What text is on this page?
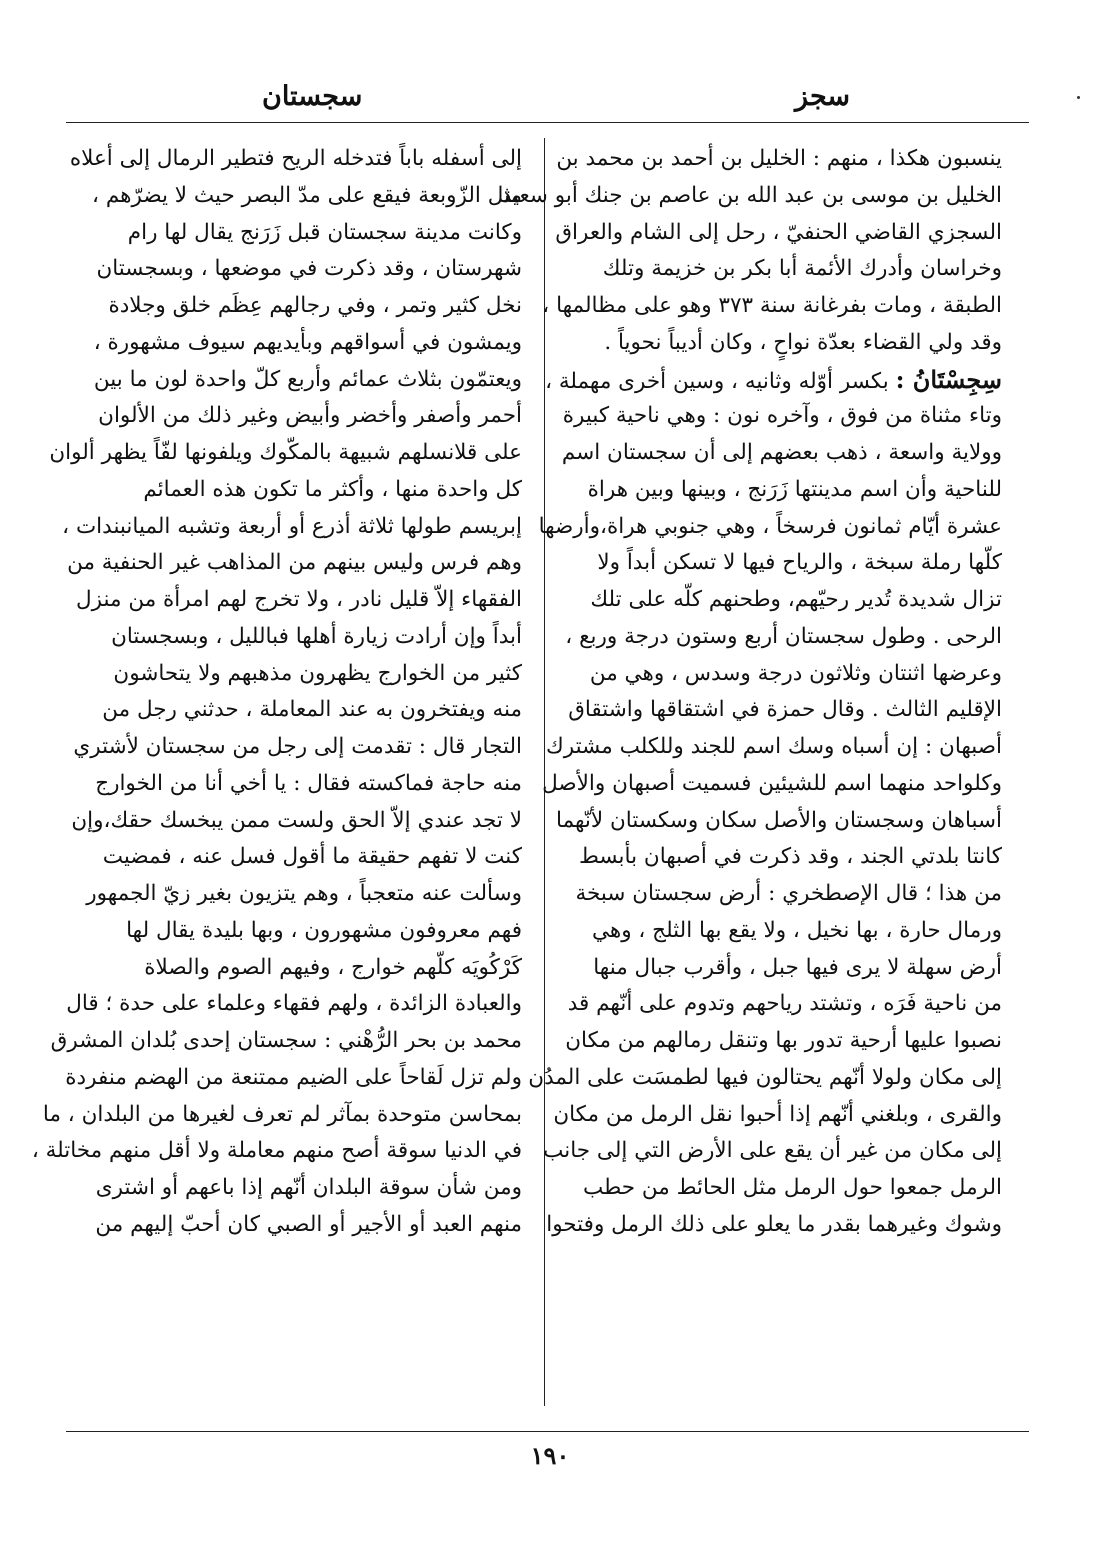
سجز
سجستان
ينسبون هكذا ، منهم : الخليل بن أحمد بن محمد بن
الخليل بن موسى بن عبد الله بن عاصم بن جنك أبو سعيد
السجزي القاضي الحنفيّ ، رحل إلى الشام والعراق
وخراسان وأدرك الأئمة أبا بكر بن خزيمة وتلك
الطبقة ، ومات بفرغانة سنة ٣٧٣ وهو على مظالمها ،
وقد ولي القضاء بعدّة نواحٍ ، وكان أديباً نحوياً .
سِجِسْتَانُ : بكسر أوّله وثانيه ، وسين أخرى مهملة ،
وتاء مثناة من فوق ، وآخره نون : وهي ناحية كبيرة
وولاية واسعة ، ذهب بعضهم إلى أن سجستان اسم
للناحية وأن اسم مدينتها زَرَنج ، وبينها وبين هراة
عشرة أيّام ثمانون فرسخاً ، وهي جنوبي هراة،وأرضها
كلّها رملة سبخة ، والرياح فيها لا تسكن أبداً ولا
تزال شديدة تُدير رحيّهم، وطحنهم كلّه على تلك
الرحى . وطول سجستان أربع وستون درجة وربع ،
وعرضها اثنتان وثلاثون درجة وسدس ، وهي من
الإقليم الثالث . وقال حمزة في اشتقاقها واشتقاق
أصبهان : إن أسباه وسك اسم للجند وللكلب مشترك
وكلواحد منهما اسم للشيئين فسميت أصبهان والأصل
أسباهان وسجستان والأصل سكان وسكستان لأنّهما
كانتا بلدتي الجند ، وقد ذكرت في أصبهان بأبسط
من هذا ؛ قال الإصطخري : أرض سجستان سبخة
ورمال حارة ، بها نخيل ، ولا يقع بها الثلج ، وهي
أرض سهلة لا يرى فيها جبل ، وأقرب جبال منها
من ناحية فَرَه ، وتشتد رياحهم وتدوم على أنّهم قد
نصبوا عليها أرحية تدور بها وتنقل رمالهم من مكان
إلى مكان ولولا أنّهم يحتالون فيها لطمسَت على المدُن
والقرى ، وبلغني أنّهم إذا أحبوا نقل الرمل من مكان
إلى مكان من غير أن يقع على الأرض التي إلى جانب
الرمل جمعوا حول الرمل مثل الحائط من حطب
وشوك وغيرهما بقدر ما يعلو على ذلك الرمل وفتحوا
إلى أسفله باباً فتدخله الريح فتطير الرمال إلى أعلاه
مثل الزّوبعة فيقع على مدّ البصر حيث لا يضرّهم ،
وكانت مدينة سجستان قبل زَرَنج يقال لها رام
شهرستان ، وقد ذكرت في موضعها ، وبسجستان
نخل كثير وتمر ، وفي رجالهم عِظَم خلق وجلادة
ويمشون في أسواقهم وبأيديهم سيوف مشهورة ،
ويعتمّون بثلاث عمائم وأربع كلّ واحدة لون ما بين
أحمر وأصفر وأخضر وأبيض وغير ذلك من الألوان
على قلانسلهم شبيهة بالمكّوك ويلفونها لفّاً يظهر ألوان
كل واحدة منها ، وأكثر ما تكون هذه العمائم
إبريسم طولها ثلاثة أذرع أو أربعة وتشبه الميانبندات ،
وهم فرس وليس بينهم من المذاهب غير الحنفية من
الفقهاء إلاّ قليل نادر ، ولا تخرج لهم امرأة من منزل
أبداً وإن أرادت زيارة أهلها فبالليل ، وبسجستان
كثير من الخوارج يظهرون مذهبهم ولا يتحاشون
منه ويفتخرون به عند المعاملة ، حدثني رجل من
التجار قال : تقدمت إلى رجل من سجستان لأشتري
منه حاجة فماكسته فقال : يا أخي أنا من الخوارج
لا تجد عندي إلاّ الحق ولست ممن يبخسك حقك،وإن
كنت لا تفهم حقيقة ما أقول فسل عنه ، فمضيت
وسألت عنه متعجباً ، وهم يتزيون بغير زيّ الجمهور
فهم معروفون مشهورون ، وبها بليدة يقال لها
كَرْكُويَه كلّهم خوارج ، وفيهم الصوم والصلاة
والعبادة الزائدة ، ولهم فقهاء وعلماء على حدة ؛ قال
محمد بن بحر الرُّهْني : سجستان إحدى بُلدان المشرق
ولم تزل لَقاحاً على الضيم ممتنعة من الهضم منفردة
بمحاسن متوحدة بمآثر لم تعرف لغيرها من البلدان ، ما
في الدنيا سوقة أصح منهم معاملة ولا أقل منهم مخاتلة ،
ومن شأن سوقة البلدان أنّهم إذا باعهم أو اشترى
منهم العبد أو الأجير أو الصبي كان أحبّ إليهم من
١٩٠
